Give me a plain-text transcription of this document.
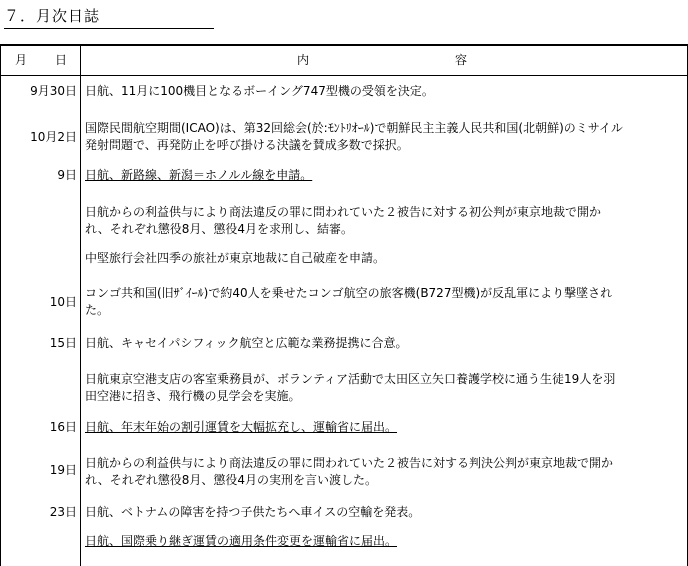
７．月次日誌
月 日	内	容
9月30日 日航、11月に100機目となるボーイング747型機の受領を決定。
10月2日
国際民間航空期間(ICAO)は、第32回総会(於:ﾓﾝﾄﾘｵｰﾙ)で朝鮮民主主義人民共和国(北朝鮮)のミサイル
発射問題で、再発防止を呼び掛ける決議を賛成多数で採択。
9日 日航、新路線、新潟＝ホノルル線を申請。
日航からの利益供与により商法違反の罪に問われていた２被告に対する初公判が東京地裁で開か
れ、それぞれ懲役8月、懲役4月を求刑し、結審。
中堅旅行会社四季の旅社が東京地裁に自己破産を申請。
10日
コンゴ共和国(旧ｻﾞｲｰﾙ)で約40人を乗せたコンゴ航空の旅客機(B727型機)が反乱軍により撃墜され
た。
15日 日航、キャセイパシフィック航空と広範な業務提携に合意。
日航東京空港支店の客室乗務員が、ボランティア活動で太田区立矢口養護学校に通う生徒19人を羽
田空港に招き、飛行機の見学会を実施。
16日 日航、年末年始の割引運賃を大幅拡充し、運輸省に届出。
19日 日航からの利益供与により商法違反の罪に問われていた２被告に対する判決公判が東京地裁で開か
れ、それぞれ懲役8月、懲役4月の実刑を言い渡した。
23日 日航、ベトナムの障害を持つ子供たちへ車イスの空輸を発表。
日航、国際乗り継ぎ運賃の適用条件変更を運輸省に届出。
